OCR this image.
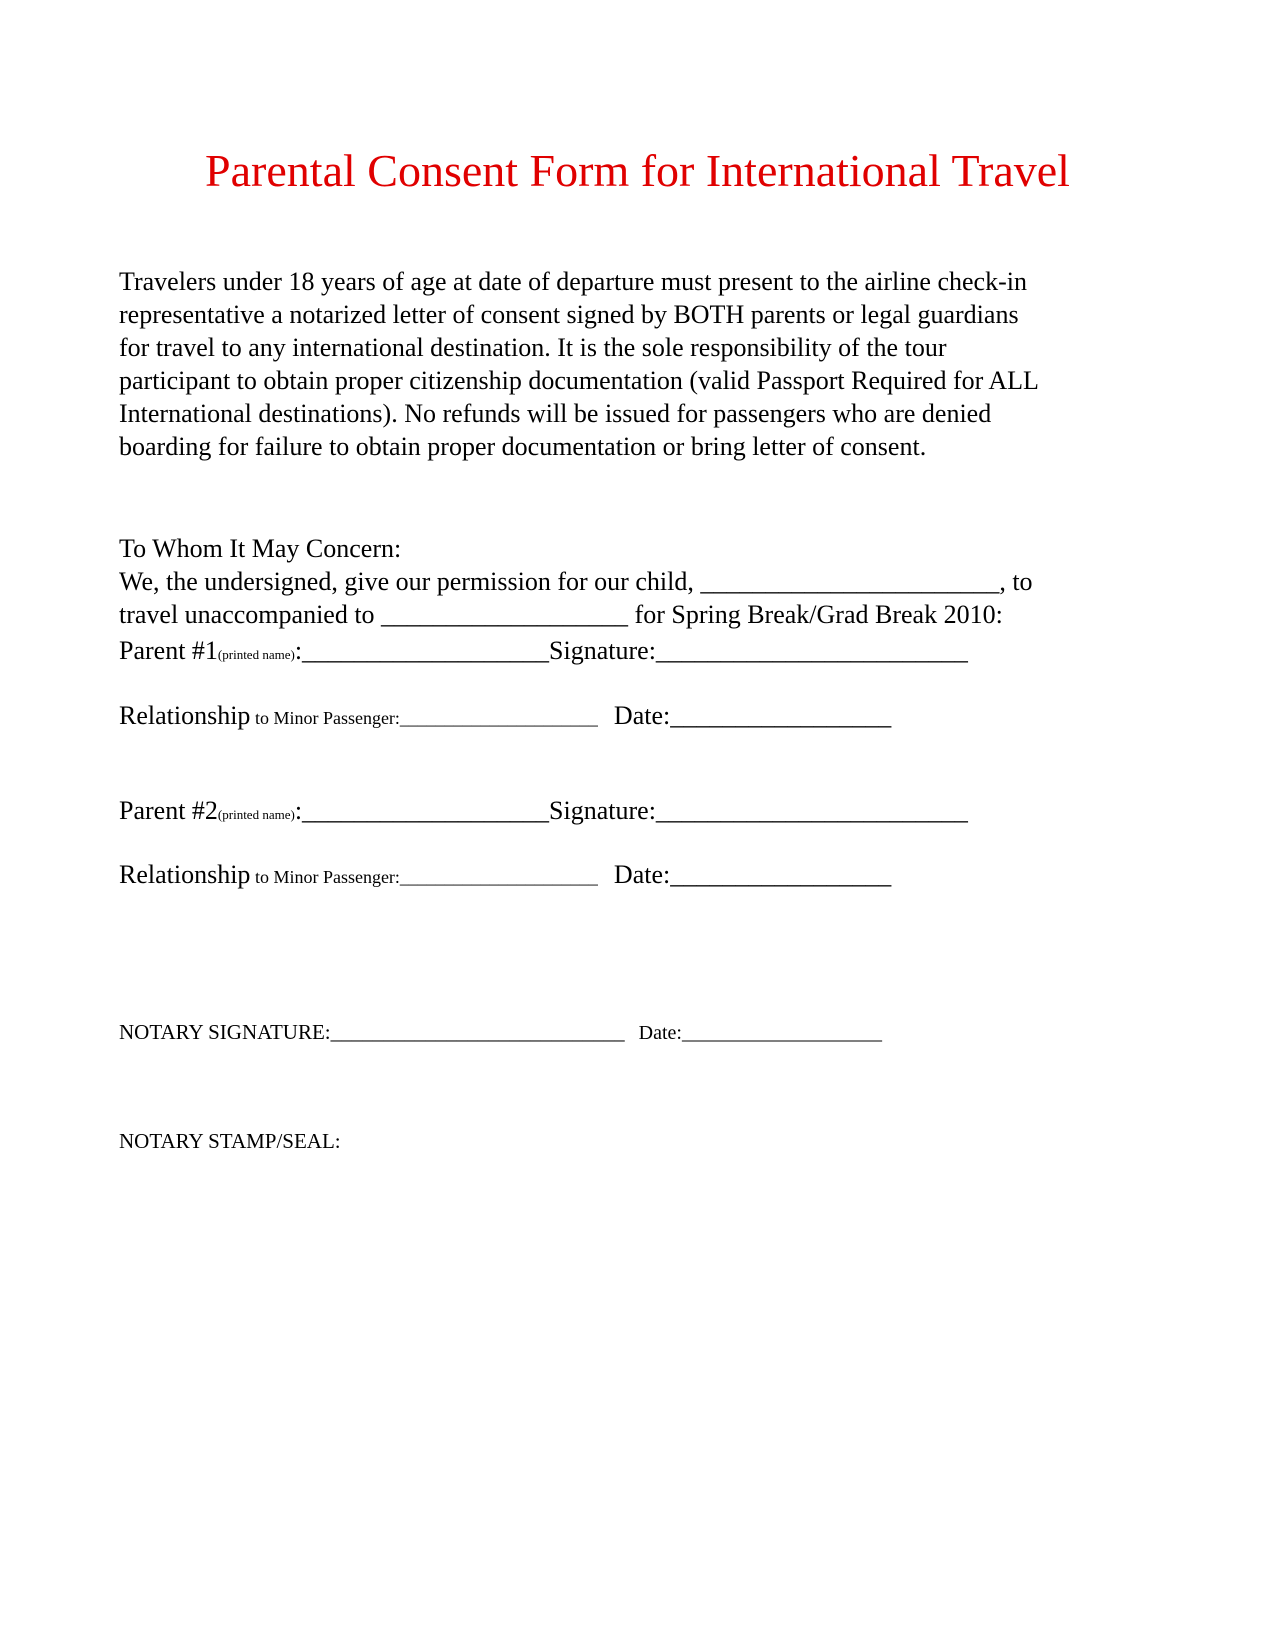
Parental Consent Form for International Travel
Travelers under 18 years of age at date of departure must present to the airline check-in
representative a notarized letter of consent signed by BOTH parents or legal guardians
for travel to any international destination. It is the sole responsibility of the tour
participant to obtain proper citizenship documentation (valid Passport Required for ALL
International destinations). No refunds will be issued for passengers who are denied
boarding for failure to obtain proper documentation or bring letter of consent.
To Whom It May Concern:
We, the undersigned, give our permission for our child, _______________________, to
travel unaccompanied to ___________________ for Spring Break/Grad Break 2010:
Parent #1(printed name):___________________Signature:________________________
Relationship to Minor Passenger:______________________ Date:_________________
Parent #2(printed name):___________________Signature:________________________
Relationship to Minor Passenger:______________________ Date:_________________
NOTARY SIGNATURE:____________________________ Date:____________________
NOTARY STAMP/SEAL:
